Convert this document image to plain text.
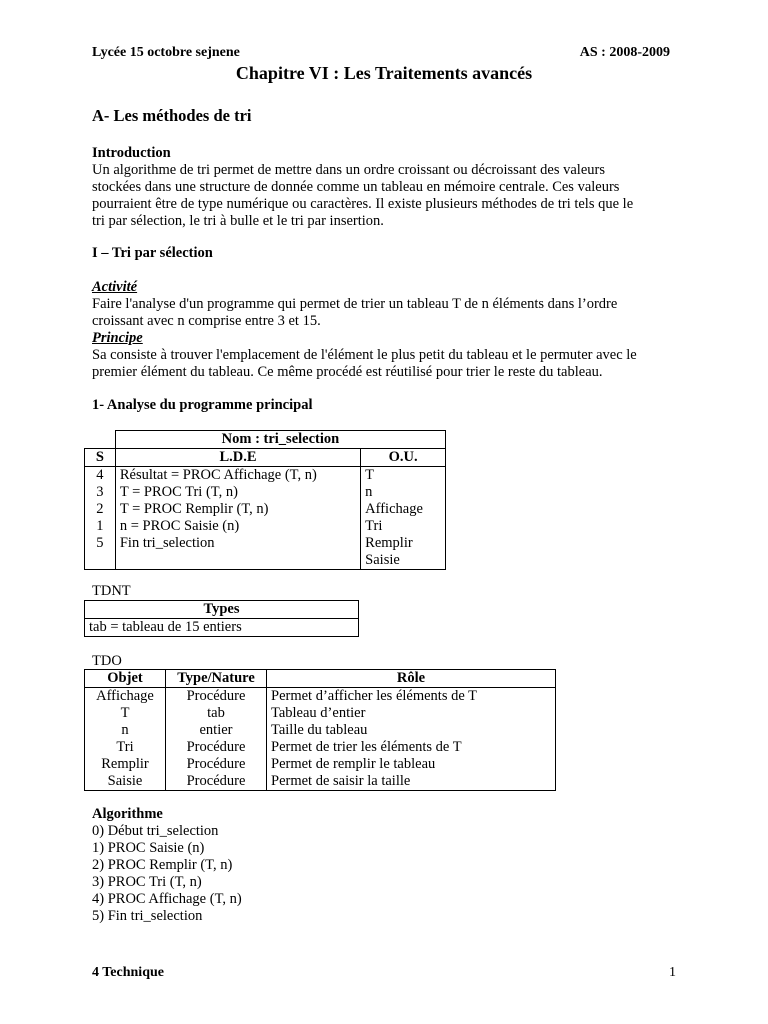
Lycée 15 octobre sejnene	AS : 2008-2009
Chapitre VI : Les Traitements avancés
A- Les méthodes de tri

Introduction

Un algorithme de tri permet de mettre dans un ordre croissant ou décroissant des valeurs

stockées dans une structure de donnée comme un tableau en mémoire centrale. Ces valeurs

pourraient être de type numérique ou caractères. Il existe plusieurs méthodes de tri tels que le

tri par sélection, le tri à bulle et le tri par insertion.

I – Tri par sélection

Activité

Faire l'analyse d'un programme qui permet de trier un tableau T de n éléments dans l’ordre

croissant avec n comprise entre 3 et 15.

Principe

Sa consiste à trouver l'emplacement de l'élément le plus petit du tableau et le permuter avec le

premier élément du tableau. Ce même procédé est réutilisé pour trier le reste du tableau.

1- Analyse du programme principal
	Nom : tri_selection	
S	L.D.E	O.U.
4	Résultat = PROC Affichage (T, n)	T
3	T = PROC Tri (T, n)	n
2	T = PROC Remplir (T, n)	Affichage
1	n = PROC Saisie (n)	Tri
5	Fin tri_selection	Remplir
		Saisie
TDNT
Types
tab = tableau de 15 entiers
TDO
Objet	Type/Nature	Rôle
Affichage	Procédure	Permet d’afficher les éléments de T
T	tab	Tableau d’entier
n	entier	Taille du tableau
Tri	Procédure	Permet de trier les éléments de T
Remplir	Procédure	Permet de remplir le tableau
Saisie	Procédure	Permet de saisir la taille

Algorithme

0) Début tri_selection

1) PROC Saisie (n)

2) PROC Remplir (T, n)

3) PROC Tri (T, n)

4) PROC Affichage (T, n)

5) Fin tri_selection

4 Technique	1
